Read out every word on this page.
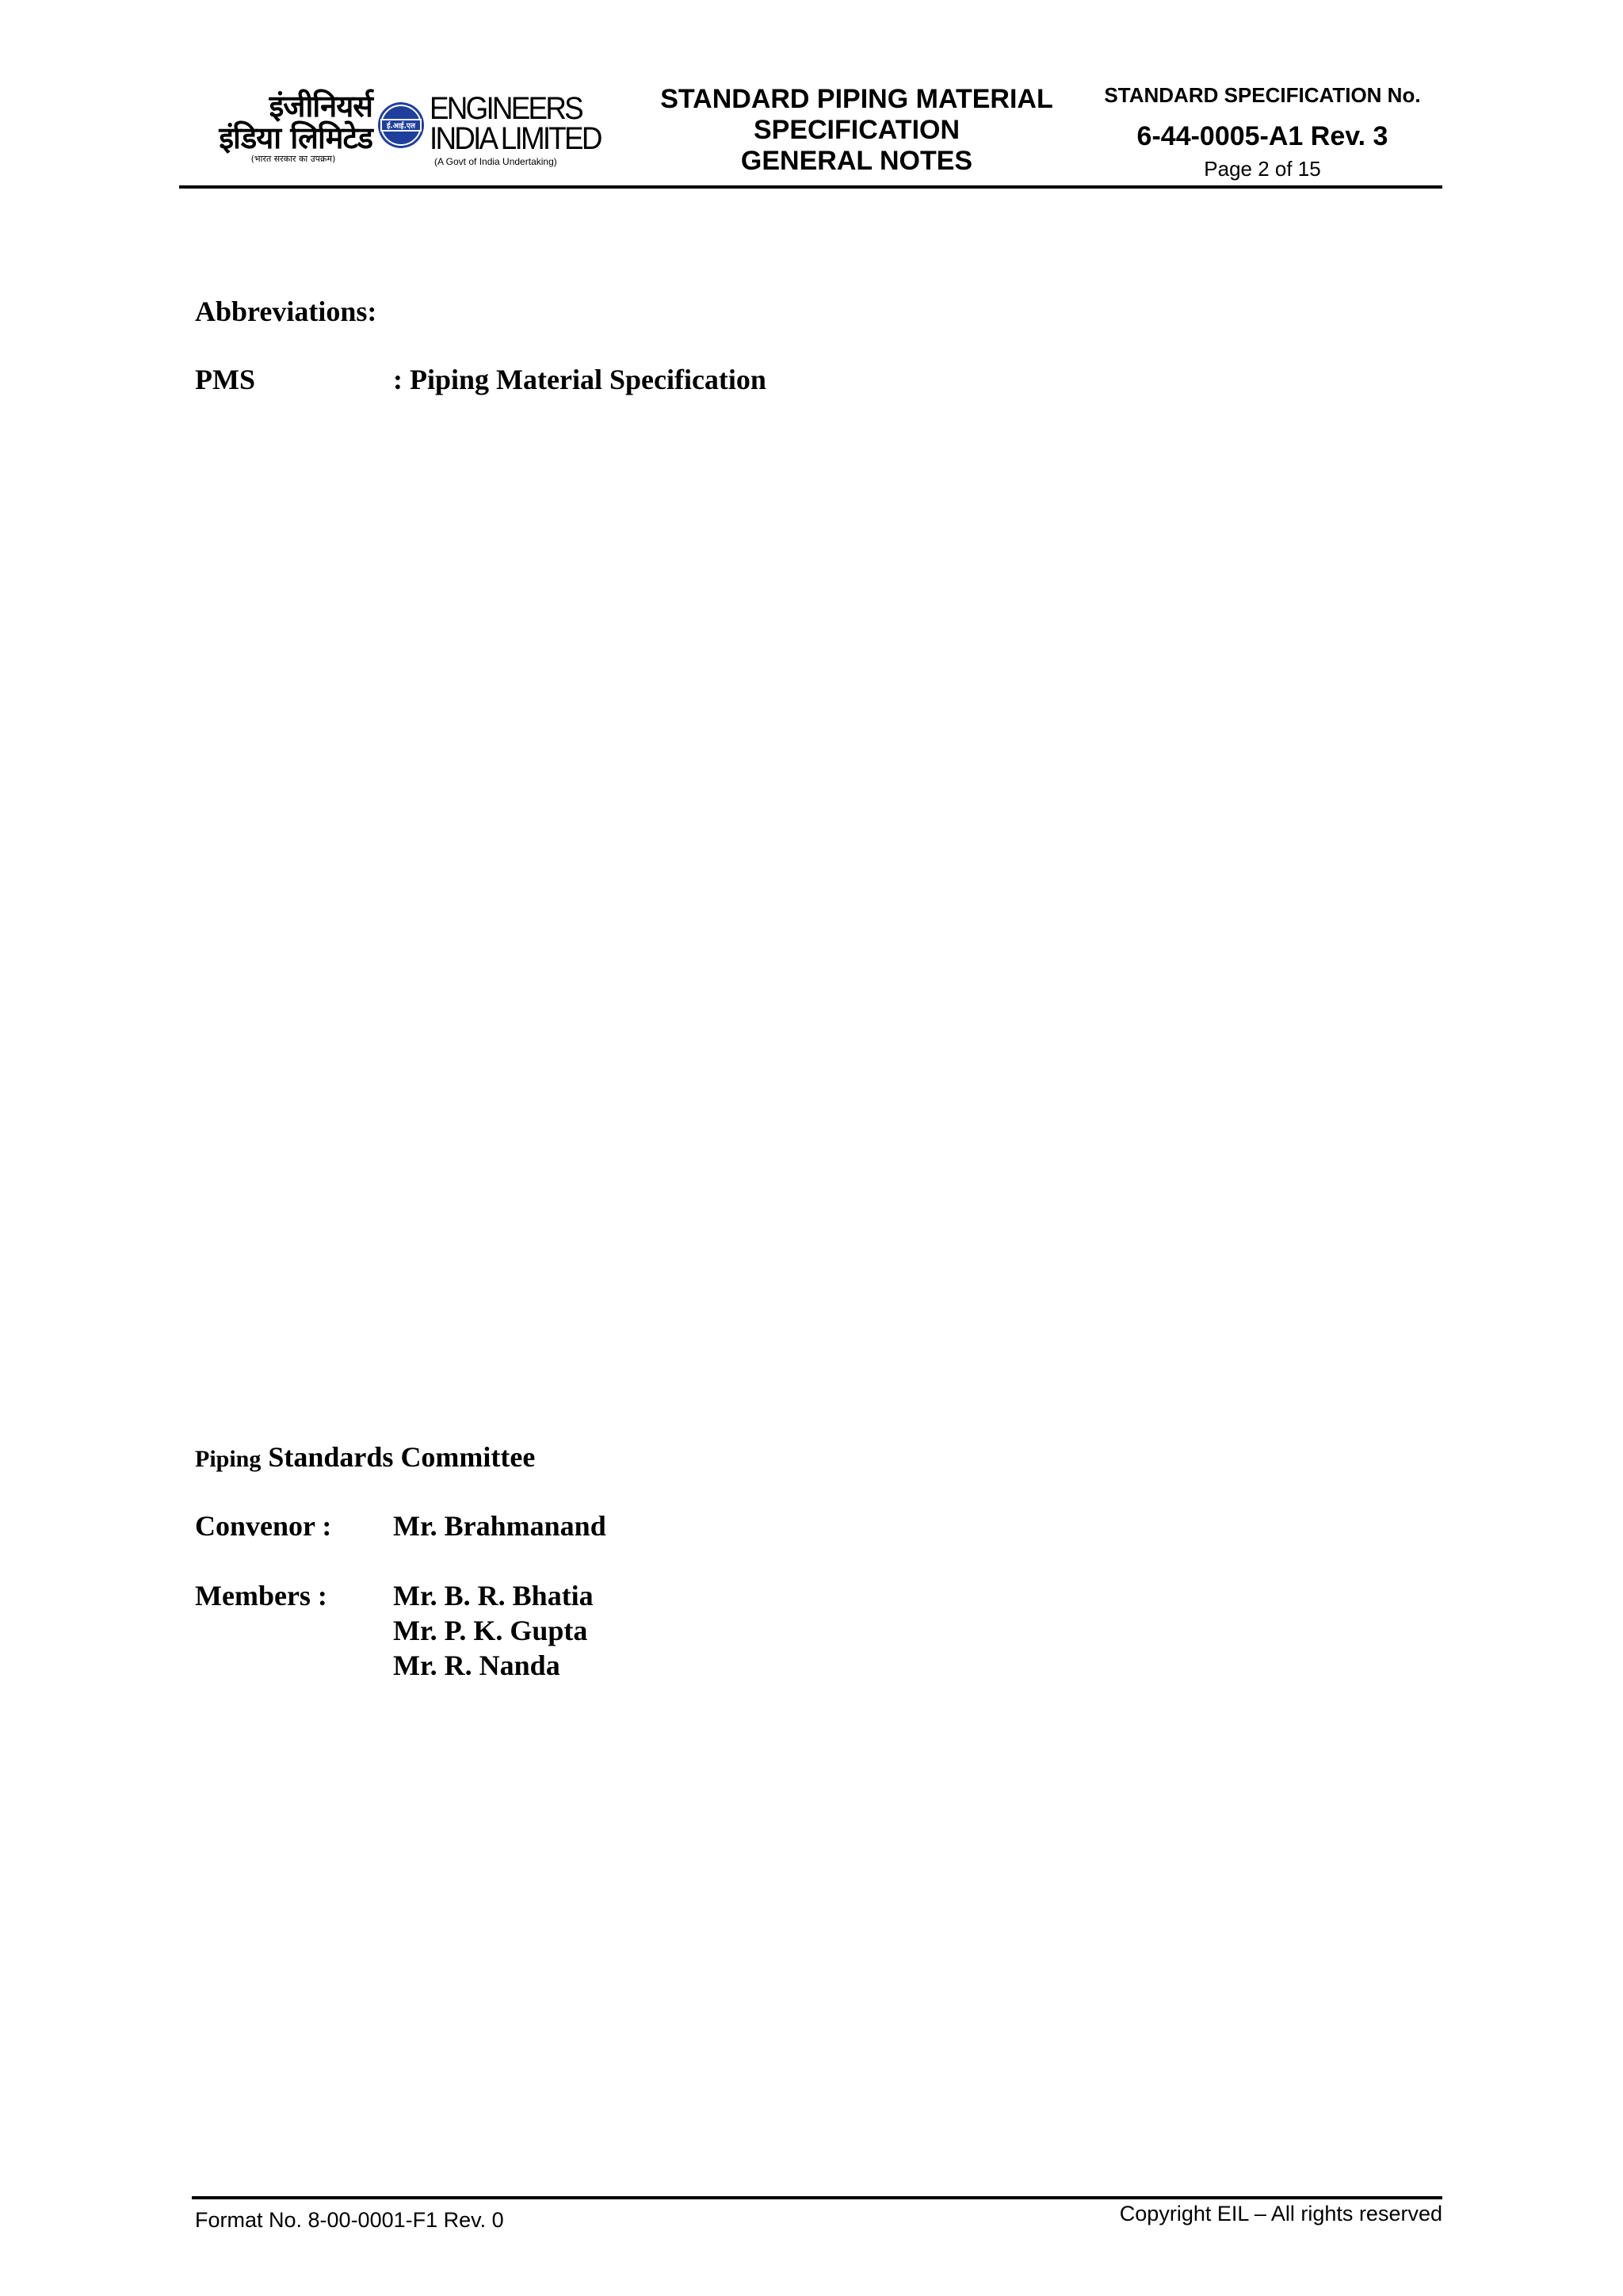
इंजीनियर्स
इंडिया लिमिटेड
(भारत सरकार का उपक्रम)
ई.आई.एल
ENGINEERS
INDIA LIMITED
(A Govt of India Undertaking)
STANDARD PIPING MATERIAL
SPECIFICATION
GENERAL NOTES
STANDARD SPECIFICATION No.
6-44-0005-A1 Rev. 3
Page 2 of 15
Abbreviations:
PMS	: Piping Material Specification
Piping Standards Committee
Convenor : Mr. Brahmanand
Members : Mr. B. R. Bhatia
Mr. P. K. Gupta
Mr. R. Nanda
Format No. 8-00-0001-F1 Rev. 0	Copyright EIL – All rights reserved
